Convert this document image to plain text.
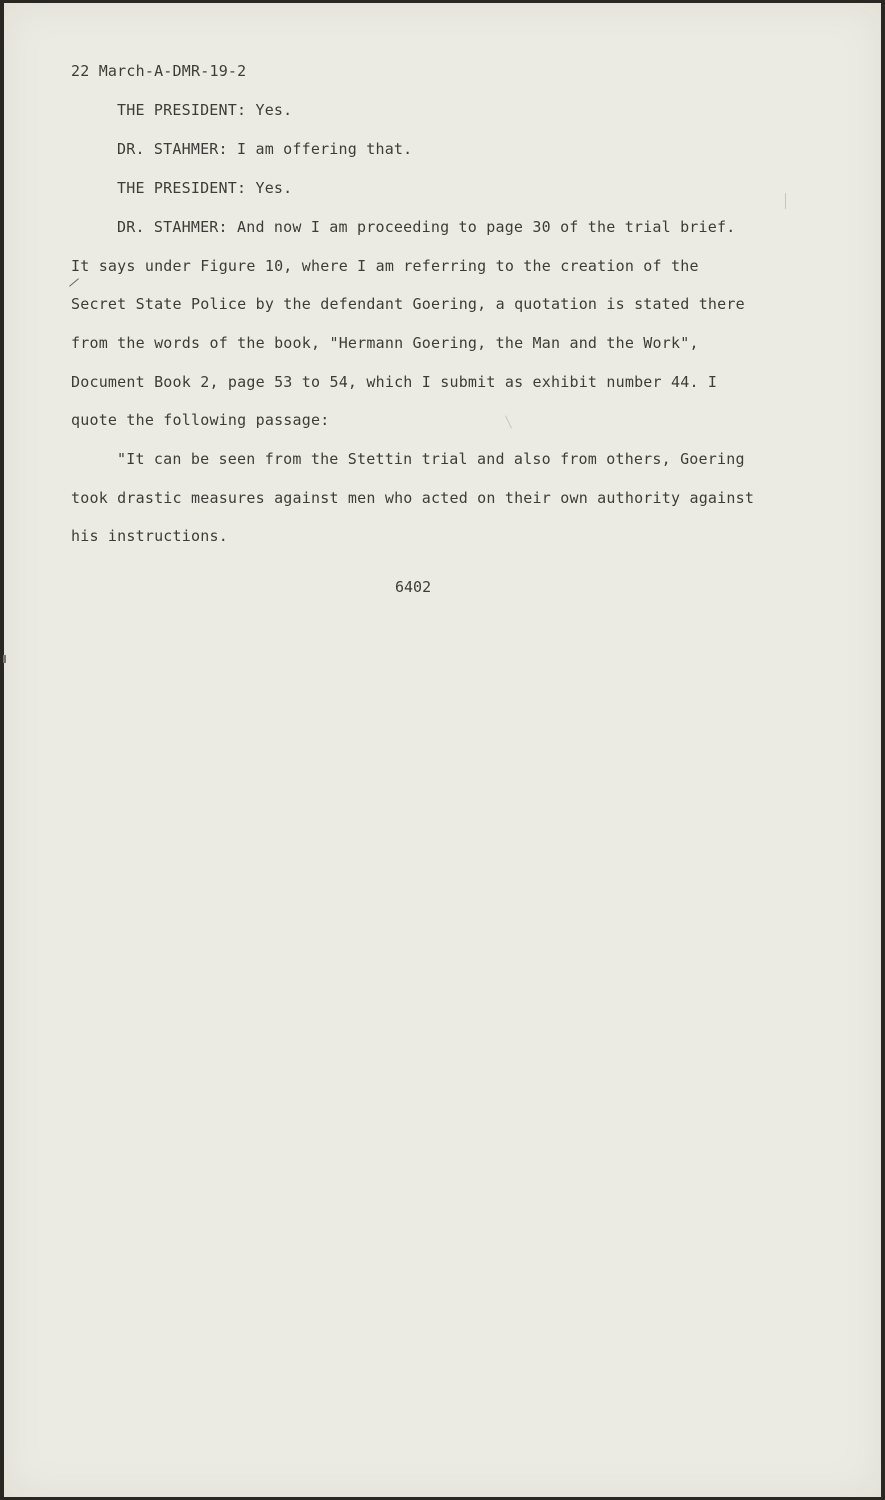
22 March-A-DMR-19-2
THE PRESIDENT: Yes.
DR. STAHMER: I am offering that.
THE PRESIDENT: Yes.
DR. STAHMER: And now I am proceeding to page 30 of the trial brief.
It says under Figure 10, where I am referring to the creation of the
Secret State Police by the defendant Goering, a quotation is stated there
from the words of the book, "Hermann Goering, the Man and the Work",
Document Book 2, page 53 to 54, which I submit as exhibit number 44. I
quote the following passage:
"It can be seen from the Stettin trial and also from others, Goering
took drastic measures against men who acted on their own authority against
his instructions.
6402
